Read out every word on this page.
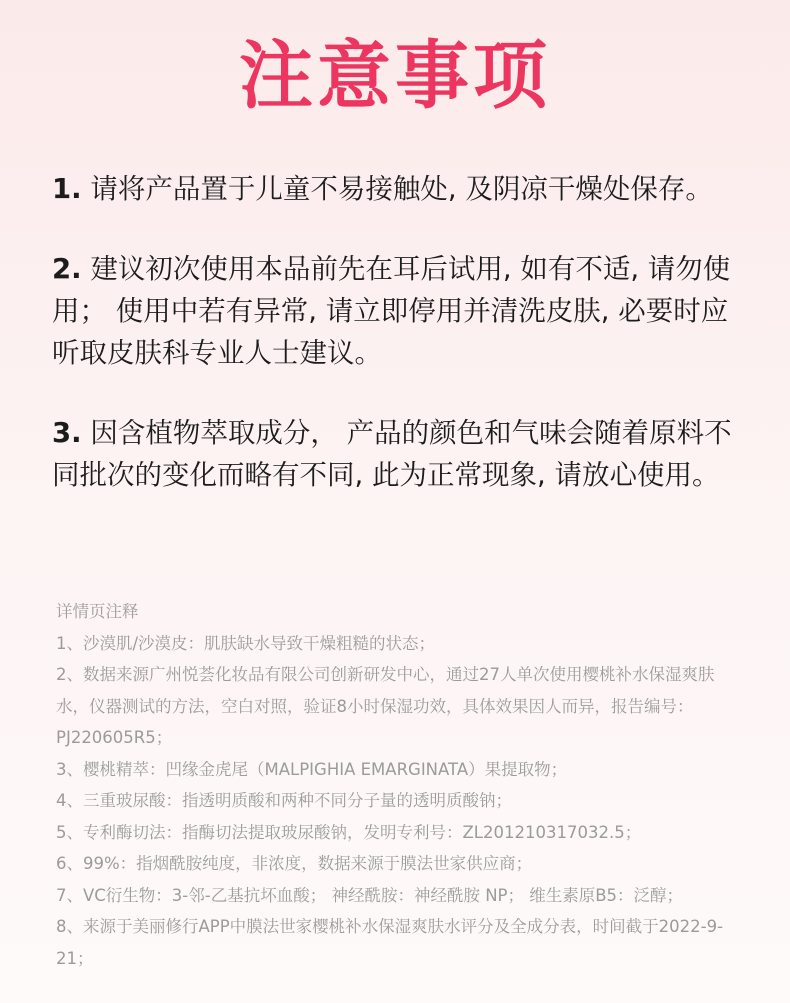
注意事项
1. 请将产品置于儿童不易接触处, 及阴凉干燥处保存。
2. 建议初次使用本品前先在耳后试用, 如有不适, 请勿使用； 使用中若有异常, 请立即停用并清洗皮肤, 必要时应听取皮肤科专业人士建议。
3. 因含植物萃取成分， 产品的颜色和气味会随着原料不同批次的变化而略有不同, 此为正常现象, 请放心使用。
详情页注释
1、沙漠肌/沙漠皮：肌肤缺水导致干燥粗糙的状态；
2、数据来源广州悦荟化妆品有限公司创新研发中心，通过27人单次使用樱桃补水保湿爽肤水，仪器测试的方法，空白对照，验证8小时保湿功效，具体效果因人而异，报告编号：PJ220605R5；
3、樱桃精萃：凹缘金虎尾（MALPIGHIA EMARGINATA）果提取物；
4、三重玻尿酸：指透明质酸和两种不同分子量的透明质酸钠；
5、专利酶切法：指酶切法提取玻尿酸钠，发明专利号：ZL201210317032.5；
6、99%：指烟酰胺纯度，非浓度，数据来源于膜法世家供应商；
7、VC衍生物：3-邻-乙基抗坏血酸； 神经酰胺：神经酰胺 NP； 维生素原B5：泛醇；
8、来源于美丽修行APP中膜法世家樱桃补水保湿爽肤水评分及全成分表，时间截于2022-9-21；
